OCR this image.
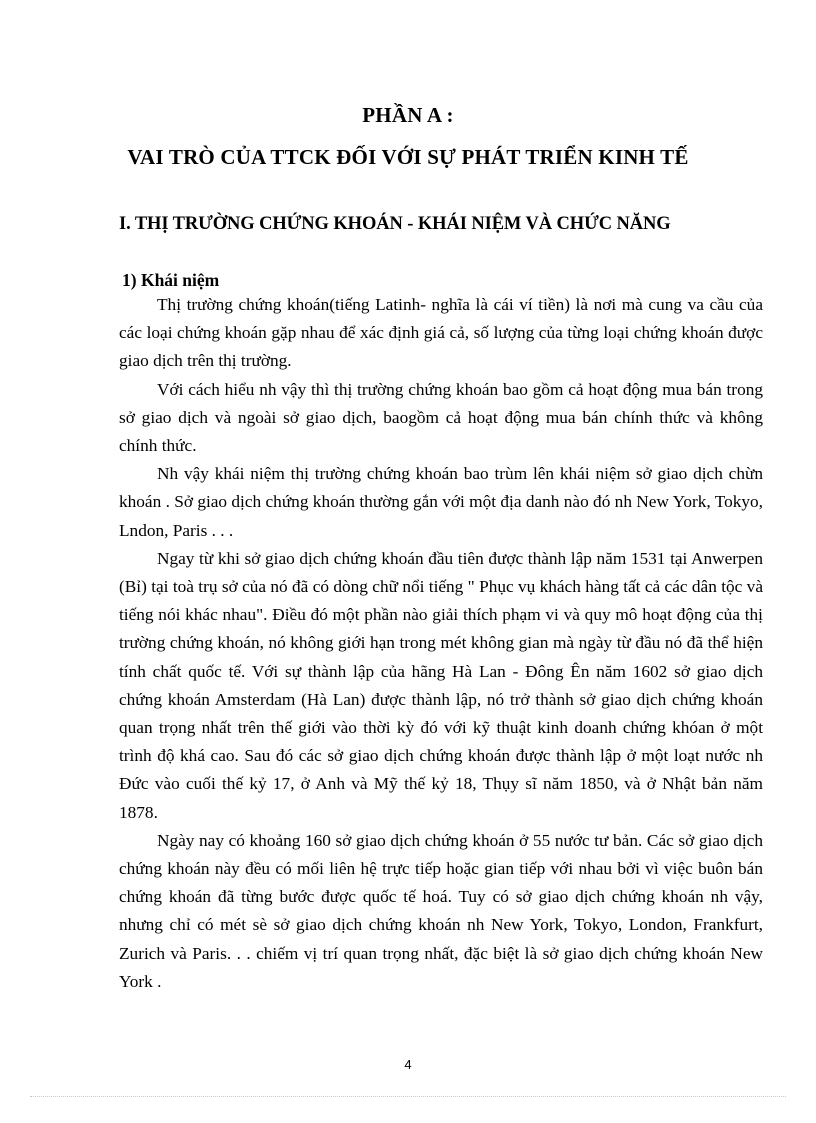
PHẦN A :
VAI TRÒ CỦA TTCK ĐỐI VỚI SỰ PHÁT TRIỂN KINH TẾ
I. THỊ TRƯỜNG CHỨNG KHOÁN - KHÁI NIỆM VÀ CHỨC NĂNG
1) Khái niệm

Thị trường chứng khoán(tiếng Latinh- nghĩa là cái ví tiền) là nơi mà cung va cầu của các loại chứng khoán gặp nhau để xác định giá cả, số lượng của từng loại chứng khoán được giao dịch trên thị trường.

Với cách hiểu nh vậy thì thị trường chứng khoán bao gồm cả hoạt động mua bán trong sở giao dịch và ngoài sở giao dịch, baogồm cả hoạt động mua bán chính thức và không chính thức.

Nh vậy khái niệm thị trường chứng khoán bao trùm lên khái niệm sở giao dịch chừn khoán . Sở giao dịch chứng khoán thường gắn với một địa danh nào đó nh New York, Tokyo, Lndon, Paris . . .

Ngay từ khi sở giao dịch chứng khoán đầu tiên được thành lập năm 1531 tại Anwerpen (Bỉ) tại toà trụ sở của nó đã có dòng chữ nổi tiếng " Phục vụ khách hàng tất cả các dân tộc và tiếng nói khác nhau". Điều đó một phần nào giải thích phạm vi và quy mô hoạt động của thị trường chứng khoán, nó không giới hạn trong mét không gian mà ngày từ đầu nó đã thể hiện tính chất quốc tế. Với sự thành lập của hãng Hà Lan - Đông Ên năm 1602 sở giao dịch chứng khoán Amsterdam (Hà Lan) được thành lập, nó trở thành sở giao dịch chứng khoán quan trọng nhất trên thế giới vào thời kỳ đó với kỹ thuật kinh doanh chứng khóan ở một trình độ khá cao. Sau đó các sở giao dịch chứng khoán được thành lập ở một loạt nước nh Đức vào cuối thế kỷ 17, ở Anh và Mỹ thế kỷ 18, Thụy sĩ năm 1850, và ở Nhật bản năm 1878.

Ngày nay có khoảng 160 sở giao dịch chứng khoán ở 55 nước tư bản. Các sở giao dịch chứng khoán này đều có mối liên hệ trực tiếp hoặc gian tiếp với nhau bởi vì việc buôn bán chứng khoán đã từng bước được quốc tế hoá. Tuy có sở giao dịch chứng khoán nh vậy, nhưng chỉ có mét sè sở giao dịch chứng khoán nh New York, Tokyo, London, Frankfurt, Zurich và Paris. . . chiếm vị trí quan trọng nhất, đặc biệt là sở giao dịch chứng khoán New York .

4
